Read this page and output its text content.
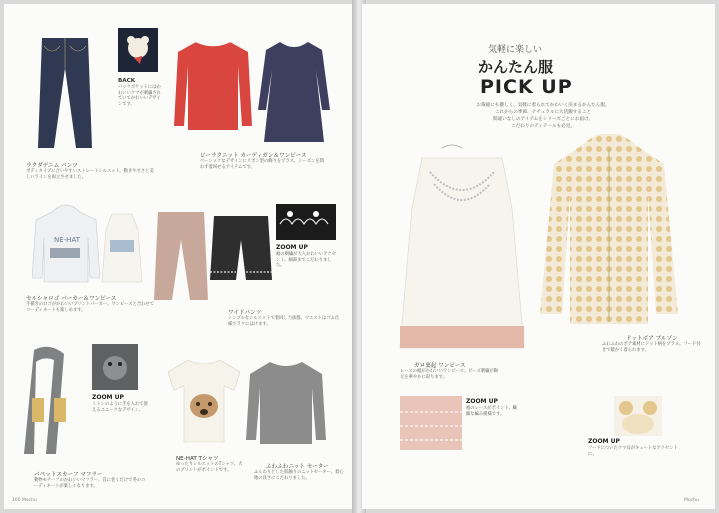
BACK
バックポケットにはかわいいクマが刺繍されていてかわいいデザインです。
ビーラクニット カーディガン＆ワンピース
ベーシックなデザインにリボン型の飾りをプラス。シーズンを問わず着回せるアイテムです。
ラクダデニム パンツ
ボディタイプに合いやすいストレートシルエット。動きやすさと美しいラインを両立させました。
NE-HAT
セルシャロゴ パーカー＆ワンピース
手描きのロゴがかわいいプリントパーカー。ワンピースと合わせてコーディネートも楽しめます。
ZOOM UP
裾の刺繍が大人かわいいアクセント。細部までこだわりました。
ワイドパンツ
シンプルなシルエットで着回し力抜群。ウエストはゴム仕様でラクにはけます。
ZOOM UP
ミトンのように手を入れて使えるユニークなデザイン。
パペットスカーフ マフラー
動物モチーフのかわいいマフラー。首に巻くだけで冬のコーディネートが楽しくなります。
NE-HAT Tシャツ
ゆったりシルエットのTシャツ。犬のプリントがポイントです。
ふわふわニット セーター
ふんわりとした肌触りのニットセーター。着心地の良さにこだわりました。
100 Mochu
気軽に楽しい
かんたん服
PICK UP
お裁縫にも優しく、気軽に着られてかわいく決まるかんたん服。
これからの季節、ナチュラルに大活躍すること
間違いなしのアイテムをシリーズごとにお届け。
こだわりのディテールも必見。
ガロ裏起 ワンピース
レースの裾がかわいいワンピース。ビーズ刺繍が胸元を華やかに彩ります。
ZOOM UP
裾のレースがポイント。繊細な編み模様です。
ドットボア ブルゾン
ふわふわのボア素材にドット柄をプラス。フード付きで暖かく着られます。
ZOOM UP
フードについたクマ耳がキュートなアクセントに。
Mochu
